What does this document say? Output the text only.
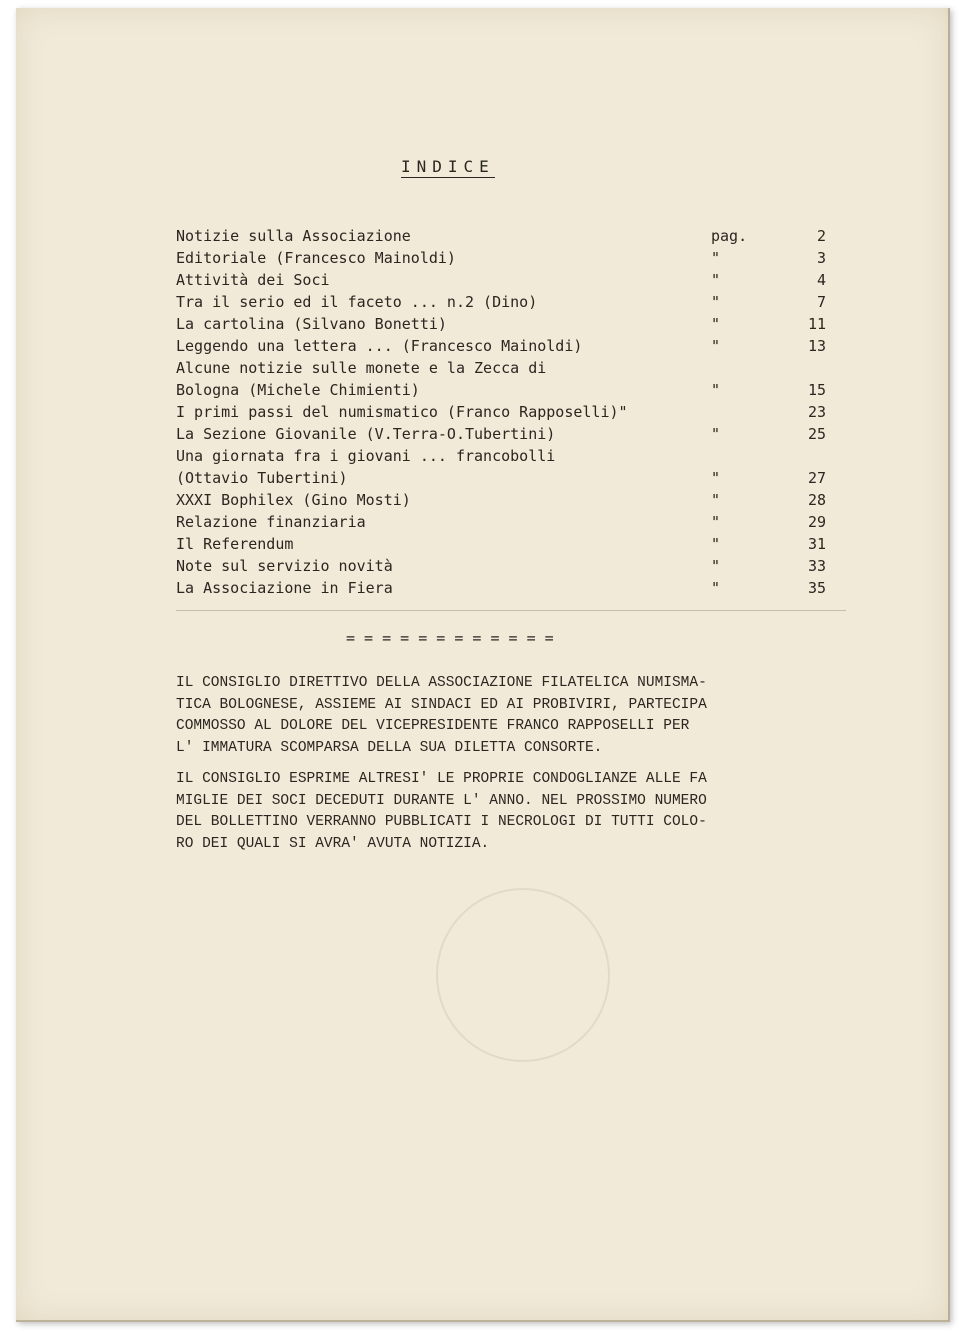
INDICE
Notizie sulla Associazione	pag.	2
Editoriale (Francesco Mainoldi)	"	3
Attività dei Soci	"	4
Tra il serio ed il faceto ... n.2 (Dino)	"	7
La cartolina (Silvano Bonetti)	"	11
Leggendo una lettera ... (Francesco Mainoldi)	"	13
Alcune notizie sulle monete e la Zecca di
Bologna (Michele Chimienti)	"	15
I primi passi del numismatico (Franco Rapposelli)"	23
La Sezione Giovanile (V.Terra-O.Tubertini)	"	25
Una giornata fra i giovani ... francobolli
(Ottavio Tubertini)	"	27
XXXI Bophilex (Gino Mosti)	"	28
Relazione finanziaria	"	29
Il Referendum	"	31
Note sul servizio novità	"	33
La Associazione in Fiera	"	35
= = = = = = = = = = = =
IL CONSIGLIO DIRETTIVO DELLA ASSOCIAZIONE FILATELICA NUMISMA-
TICA BOLOGNESE, ASSIEME AI SINDACI ED AI PROBIVIRI, PARTECIPA
COMMOSSO AL DOLORE DEL VICEPRESIDENTE FRANCO RAPPOSELLI PER
L' IMMATURA SCOMPARSA DELLA SUA DILETTA CONSORTE.
IL CONSIGLIO ESPRIME ALTRESI' LE PROPRIE CONDOGLIANZE ALLE FA
MIGLIE DEI SOCI DECEDUTI DURANTE L' ANNO. NEL PROSSIMO NUMERO
DEL BOLLETTINO VERRANNO PUBBLICATI I NECROLOGI DI TUTTI COLO-
RO DEI QUALI SI AVRA' AVUTA NOTIZIA.
